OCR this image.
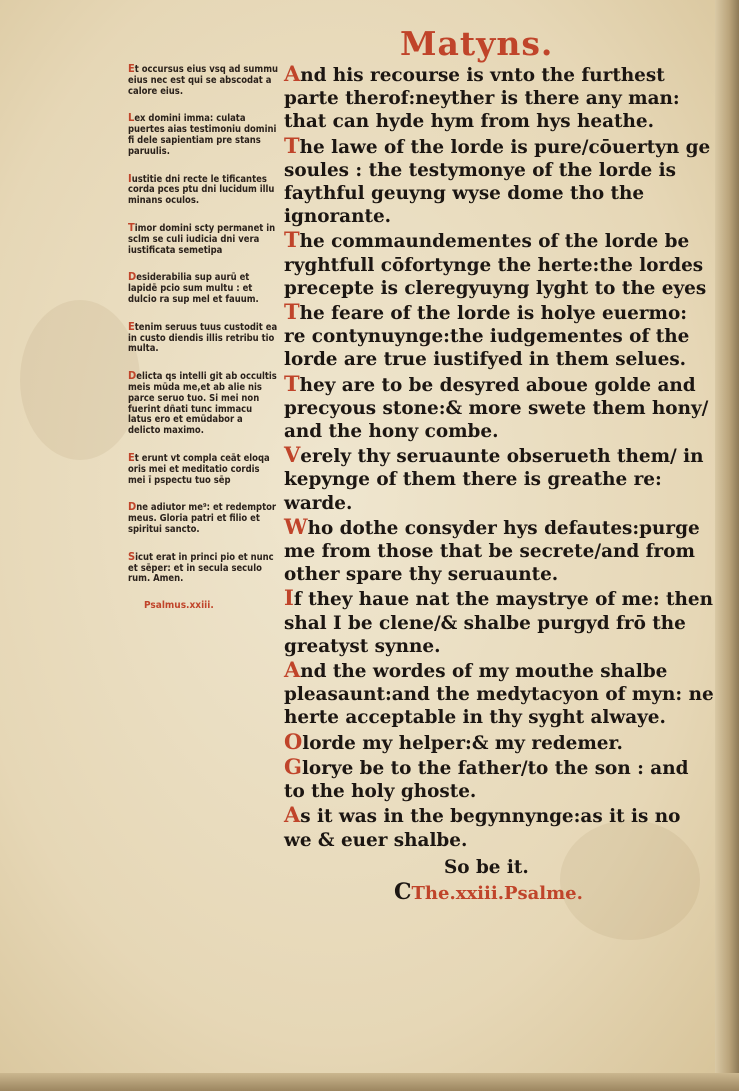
Matyns.
Et occursus eius vsq ad summu eius nec est qui se abscodat a calore eius.
Lex domini imma: culata puertes aias testimoniu domini fi dele sapientiam pre stans paruulis.
Iustitie dni recte le tificantes corda pces ptu dni lucidum illu minans oculos.
Timor domini scty permanet in sclm se culi iudicia dni vera iustificata semetipa
Desiderabilia sup aurū et lapidē pcio sum multu : et dulcio ra sup mel et fauum.
Etenim seruus tuus custodit ea in custo diendis illis retribu tio multa.
Delicta qs intelli git ab occultis meis mūda me,et ab alie nis parce seruo tuo. Si mei non fuerint dñati tunc immacu latus ero et emūdabor a delicto maximo.
Et erunt vt compla ceāt eloqa oris mei et meditatio cordis mei ī pspectu tuo sēp
Dne adiutor me⁹: et redemptor meus. Gloria patri et filio et spiritui sancto.
Sicut erat in princi pio et nunc et sēper: et in secula seculo rum. Amen.
Psalmus.xxiii.

And his recourse is vnto the furthest parte therof:neyther is there any man: that can hyde hym from hys heathe.

The lawe of the lorde is pure/cōuertyn ge soules : the testymonye of the lorde is faythful geuyng wyse dome tho the ignorante.

The commaundementes of the lorde be ryghtfull cōfortynge the herte:the lordes precepte is cleregyuyng lyght to the eyes

The feare of the lorde is holye euermo: re contynuynge:the iudgementes of the lorde are true iustifyed in them selues.

They are to be desyred aboue golde and precyous stone:& more swete them hony/ and the hony combe.

Verely thy seruaunte obserueth them/ in kepynge of them there is greathe re: warde.

Who dothe consyder hys defautes:purge me from those that be secrete/and from other spare thy seruaunte.

If they haue nat the maystrye of me: then shal I be clene/& shalbe purgyd frō the greatyst synne.

And the wordes of my mouthe shalbe pleasaunt:and the medytacyon of myn: ne herte acceptable in thy syght alwaye.

Olorde my helper:& my redemer.

Glorye be to the father/to the son : and to the holy ghoste.

As it was in the begynnynge:as it is no we & euer shalbe.

So be it.
CThe.xxiii.Psalme.
